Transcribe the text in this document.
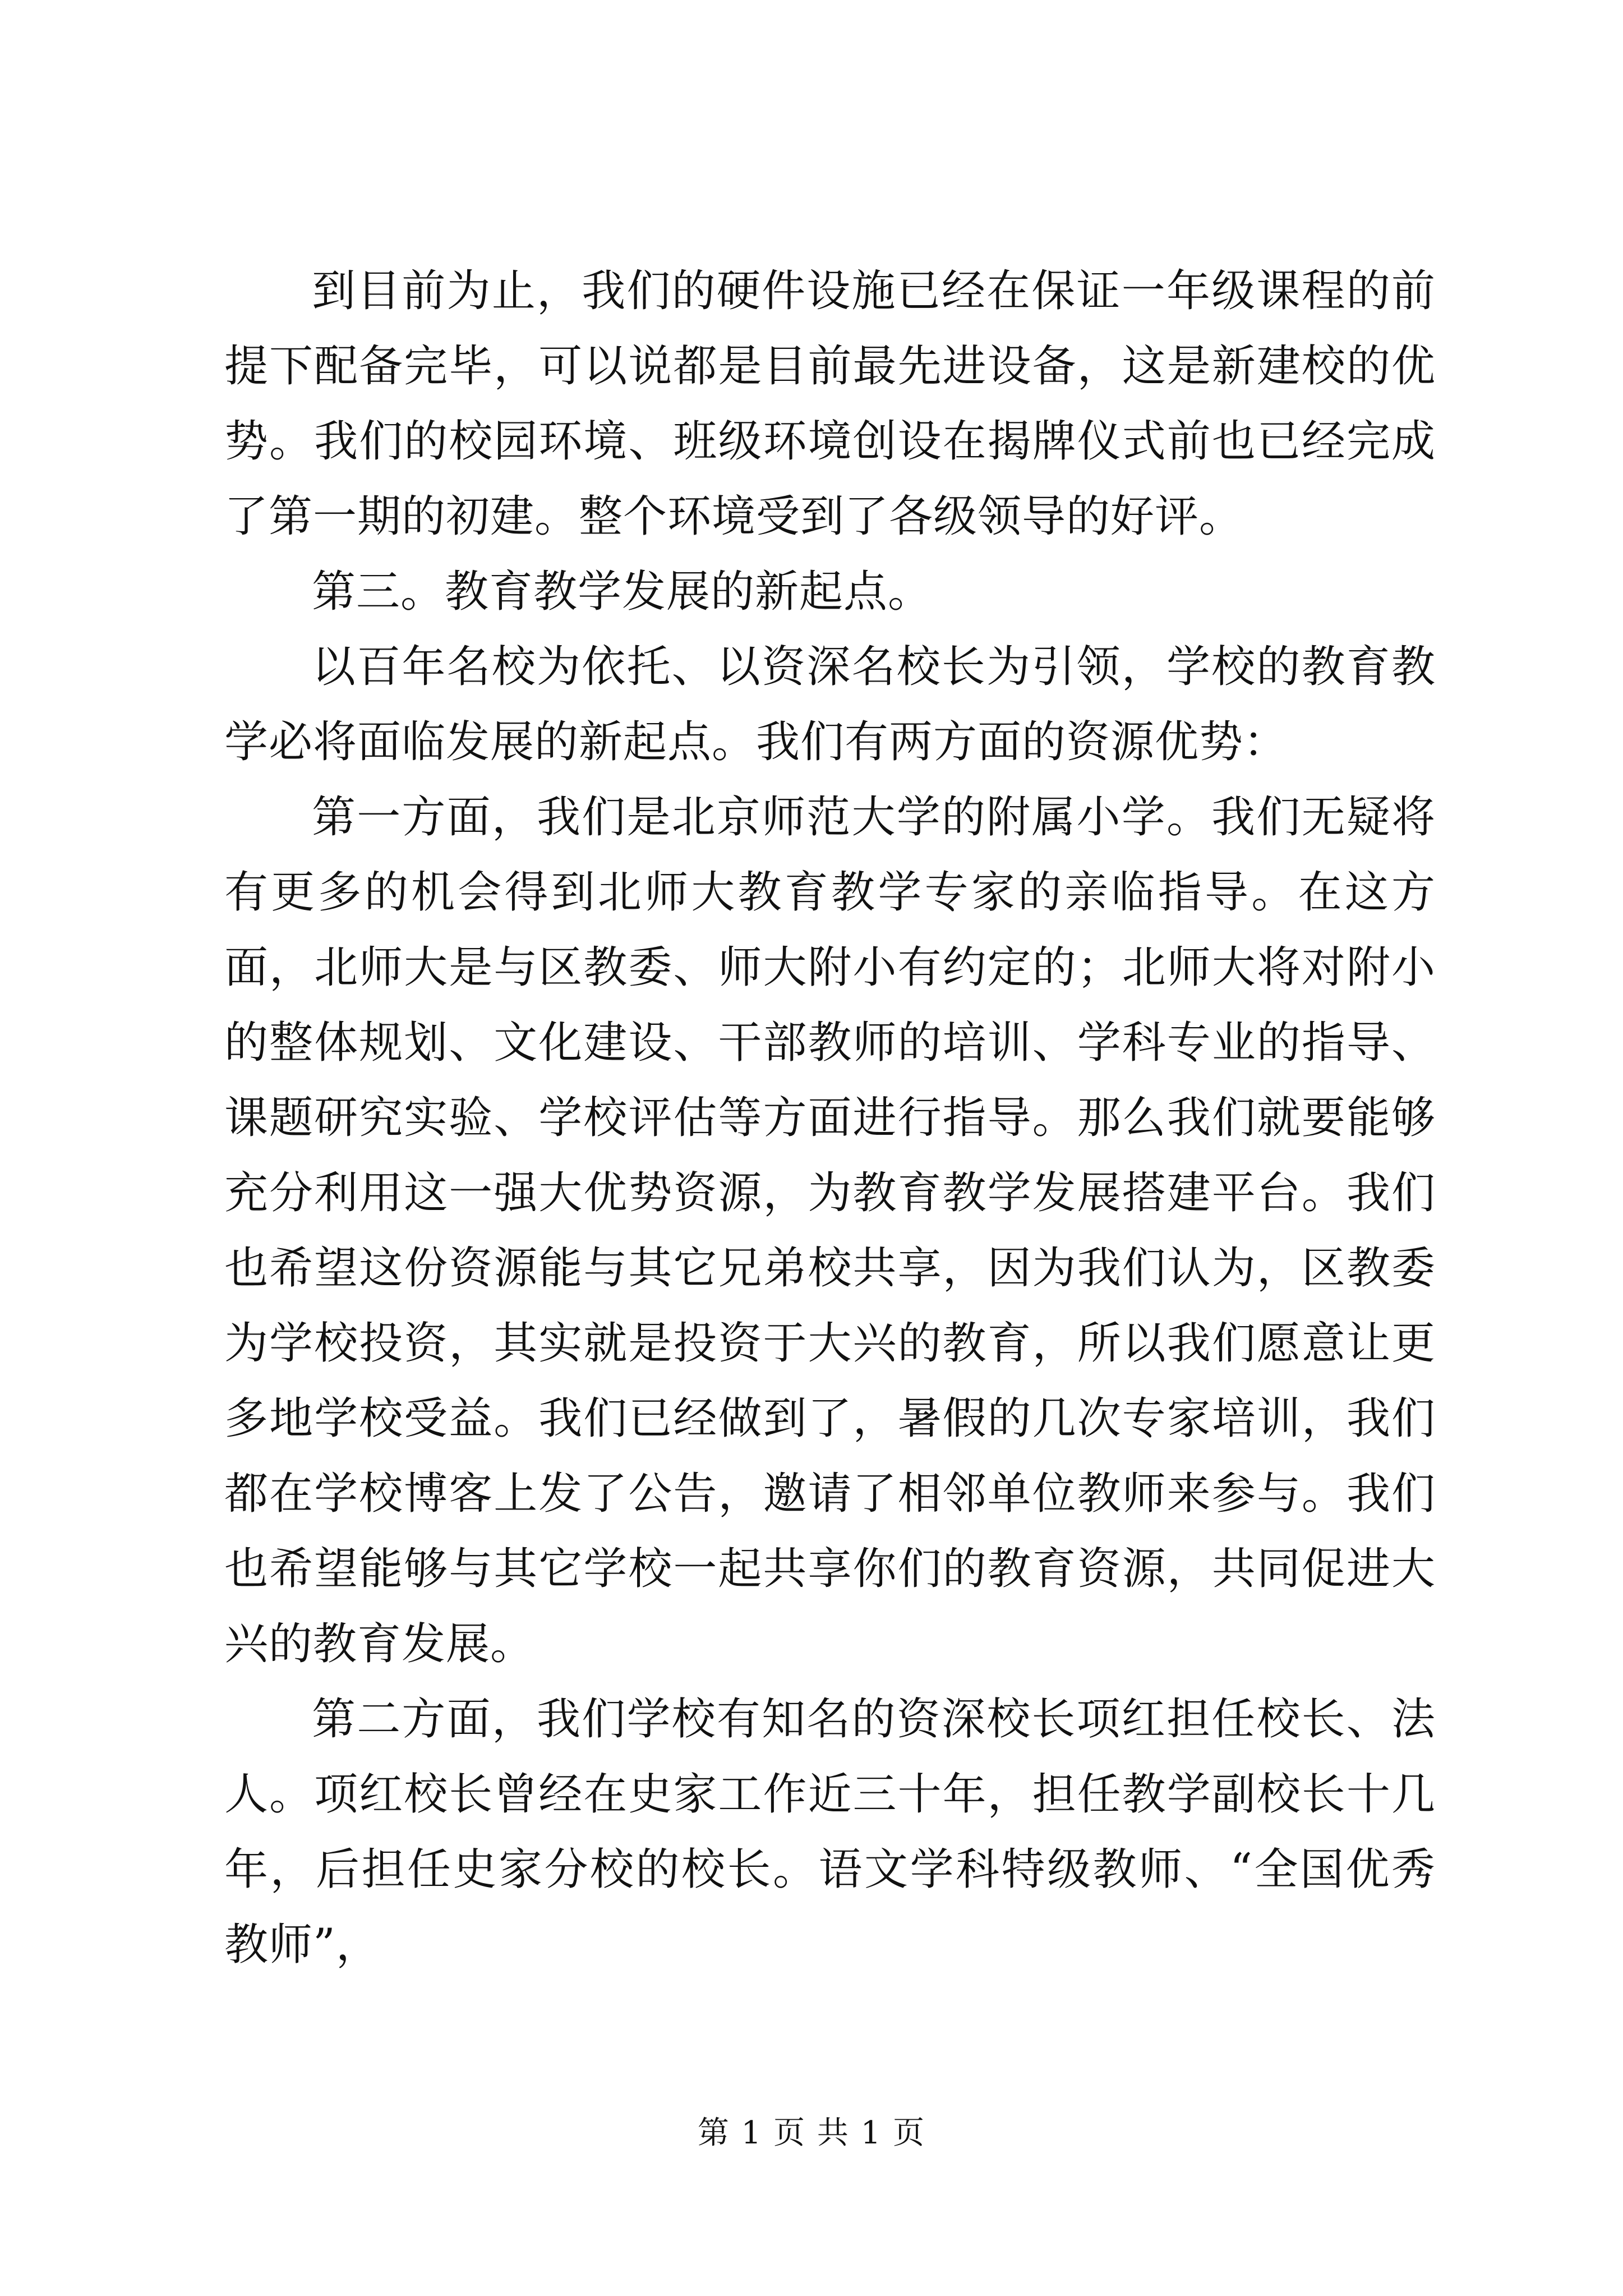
到目前为止，我们的硬件设施已经在保证一年级课程的前提下配备完毕，可以说都是目前最先进设备，这是新建校的优势。我们的校园环境、班级环境创设在揭牌仪式前也已经完成了第一期的初建。整个环境受到了各级领导的好评。

第三。教育教学发展的新起点。

以百年名校为依托、以资深名校长为引领，学校的教育教学必将面临发展的新起点。我们有两方面的资源优势：

第一方面，我们是北京师范大学的附属小学。我们无疑将有更多的机会得到北师大教育教学专家的亲临指导。在这方面，北师大是与区教委、师大附小有约定的；北师大将对附小的整体规划、文化建设、干部教师的培训、学科专业的指导、课题研究实验、学校评估等方面进行指导。那么我们就要能够充分利用这一强大优势资源，为教育教学发展搭建平台。我们也希望这份资源能与其它兄弟校共享，因为我们认为，区教委为学校投资，其实就是投资于大兴的教育，所以我们愿意让更多地学校受益。我们已经做到了，暑假的几次专家培训，我们都在学校博客上发了公告，邀请了相邻单位教师来参与。我们也希望能够与其它学校一起共享你们的教育资源，共同促进大兴的教育发展。

第二方面，我们学校有知名的资深校长项红担任校长、法人。项红校长曾经在史家工作近三十年，担任教学副校长十几年，后担任史家分校的校长。语文学科特级教师、“全国优秀教师”，

第 1 页 共 1 页
